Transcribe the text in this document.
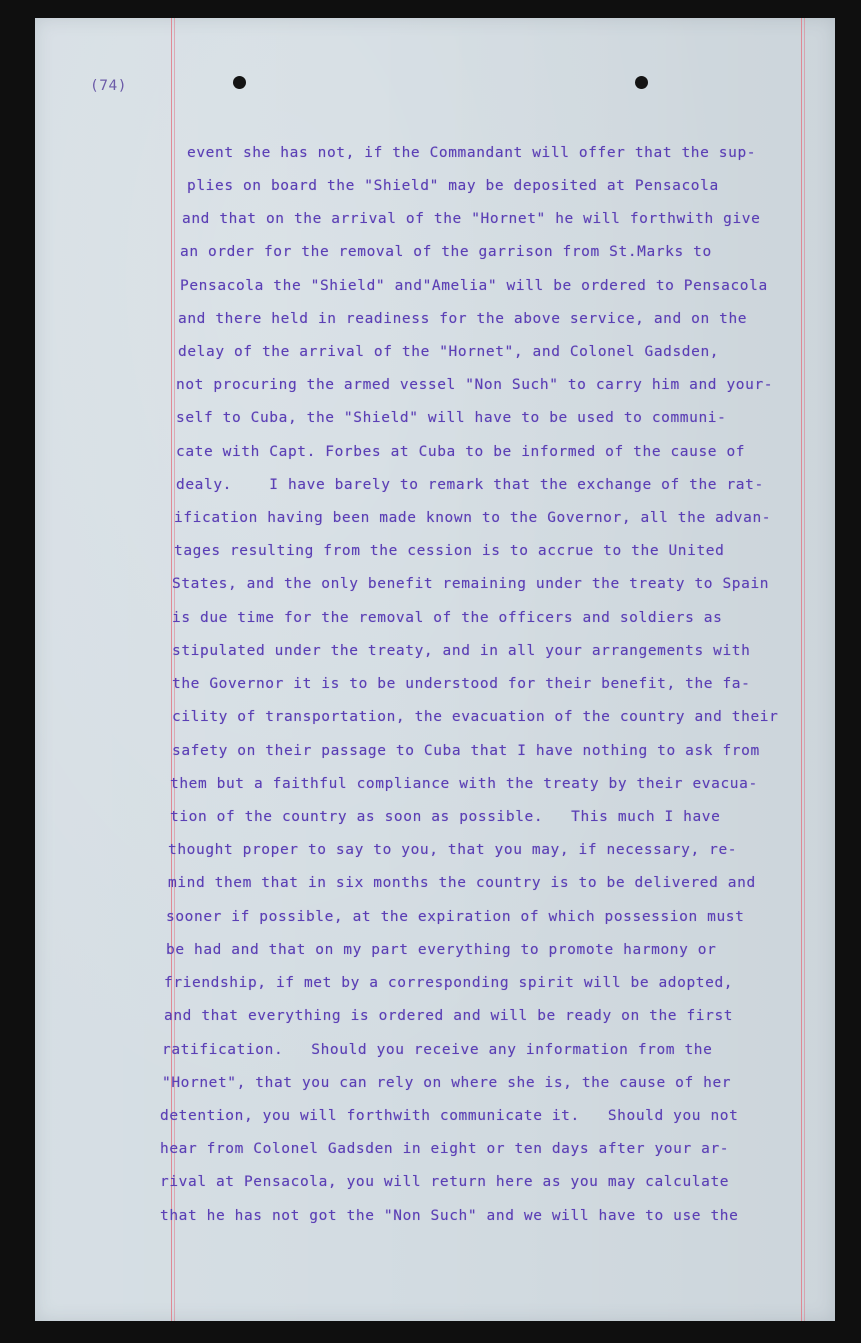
(74)
event she has not, if the Commandant will offer that the sup-
plies on board the "Shield" may be deposited at Pensacola
and that on the arrival of the "Hornet" he will forthwith give
an order for the removal of the garrison from St.Marks to
Pensacola the "Shield" and"Amelia" will be ordered to Pensacola
and there held in readiness for the above service, and on the
delay of the arrival of the "Hornet", and Colonel Gadsden,
not procuring the armed vessel "Non Such" to carry him and your-
self to Cuba, the "Shield" will have to be used to communi-
cate with Capt. Forbes at Cuba to be informed of the cause of
dealy.    I have barely to remark that the exchange of the rat-
ification having been made known to the Governor, all the advan-
tages resulting from the cession is to accrue to the United
States, and the only benefit remaining under the treaty to Spain
is due time for the removal of the officers and soldiers as
stipulated under the treaty, and in all your arrangements with
the Governor it is to be understood for their benefit, the fa-
cility of transportation, the evacuation of the country and their
safety on their passage to Cuba that I have nothing to ask from
them but a faithful compliance with the treaty by their evacua-
tion of the country as soon as possible.   This much I have
thought proper to say to you, that you may, if necessary, re-
mind them that in six months the country is to be delivered and
sooner if possible, at the expiration of which possession must
be had and that on my part everything to promote harmony or
friendship, if met by a corresponding spirit will be adopted,
and that everything is ordered and will be ready on the first
ratification.   Should you receive any information from the
"Hornet", that you can rely on where she is, the cause of her
detention, you will forthwith communicate it.   Should you not
hear from Colonel Gadsden in eight or ten days after your ar-
rival at Pensacola, you will return here as you may calculate
that he has not got the "Non Such" and we will have to use the
